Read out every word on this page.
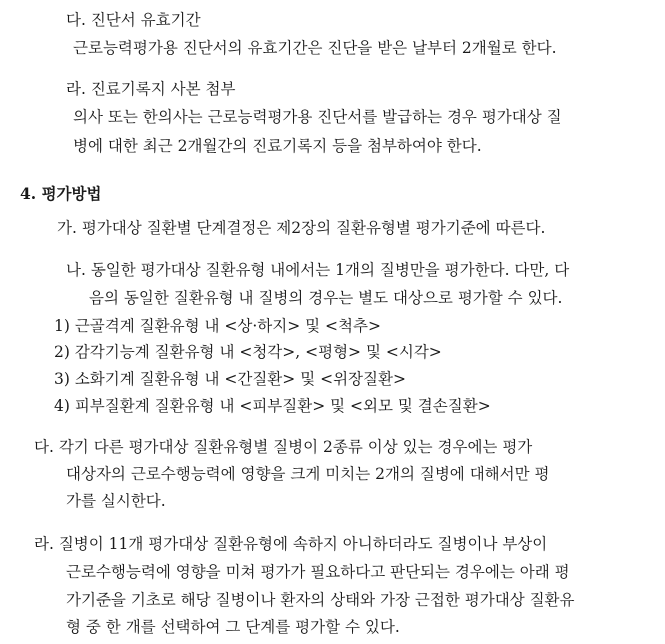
다. 진단서 유효기간
근로능력평가용 진단서의 유효기간은 진단을 받은 날부터 2개월로 한다.
라. 진료기록지 사본 첨부
의사 또는 한의사는 근로능력평가용 진단서를 발급하는 경우 평가대상 질
병에 대한 최근 2개월간의 진료기록지 등을 첨부하여야 한다.
4. 평가방법
가. 평가대상 질환별 단계결정은 제2장의 질환유형별 평가기준에 따른다.
나. 동일한 평가대상 질환유형 내에서는 1개의 질병만을 평가한다. 다만, 다
음의 동일한 질환유형 내 질병의 경우는 별도 대상으로 평가할 수 있다.
1) 근골격계 질환유형 내 <상·하지> 및 <척추>
2) 감각기능계 질환유형 내 <청각>, <평형> 및 <시각>
3) 소화기계 질환유형 내 <간질환> 및 <위장질환>
4) 피부질환계 질환유형 내 <피부질환> 및 <외모 및 결손질환>
다. 각기 다른 평가대상 질환유형별 질병이 2종류 이상 있는 경우에는 평가
대상자의 근로수행능력에 영향을 크게 미치는 2개의 질병에 대해서만 평
가를 실시한다.
라. 질병이 11개 평가대상 질환유형에 속하지 아니하더라도 질병이나 부상이
근로수행능력에 영향을 미쳐 평가가 필요하다고 판단되는 경우에는 아래 평
가기준을 기초로 해당 질병이나 환자의 상태와 가장 근접한 평가대상 질환유
형 중 한 개를 선택하여 그 단계를 평가할 수 있다.
